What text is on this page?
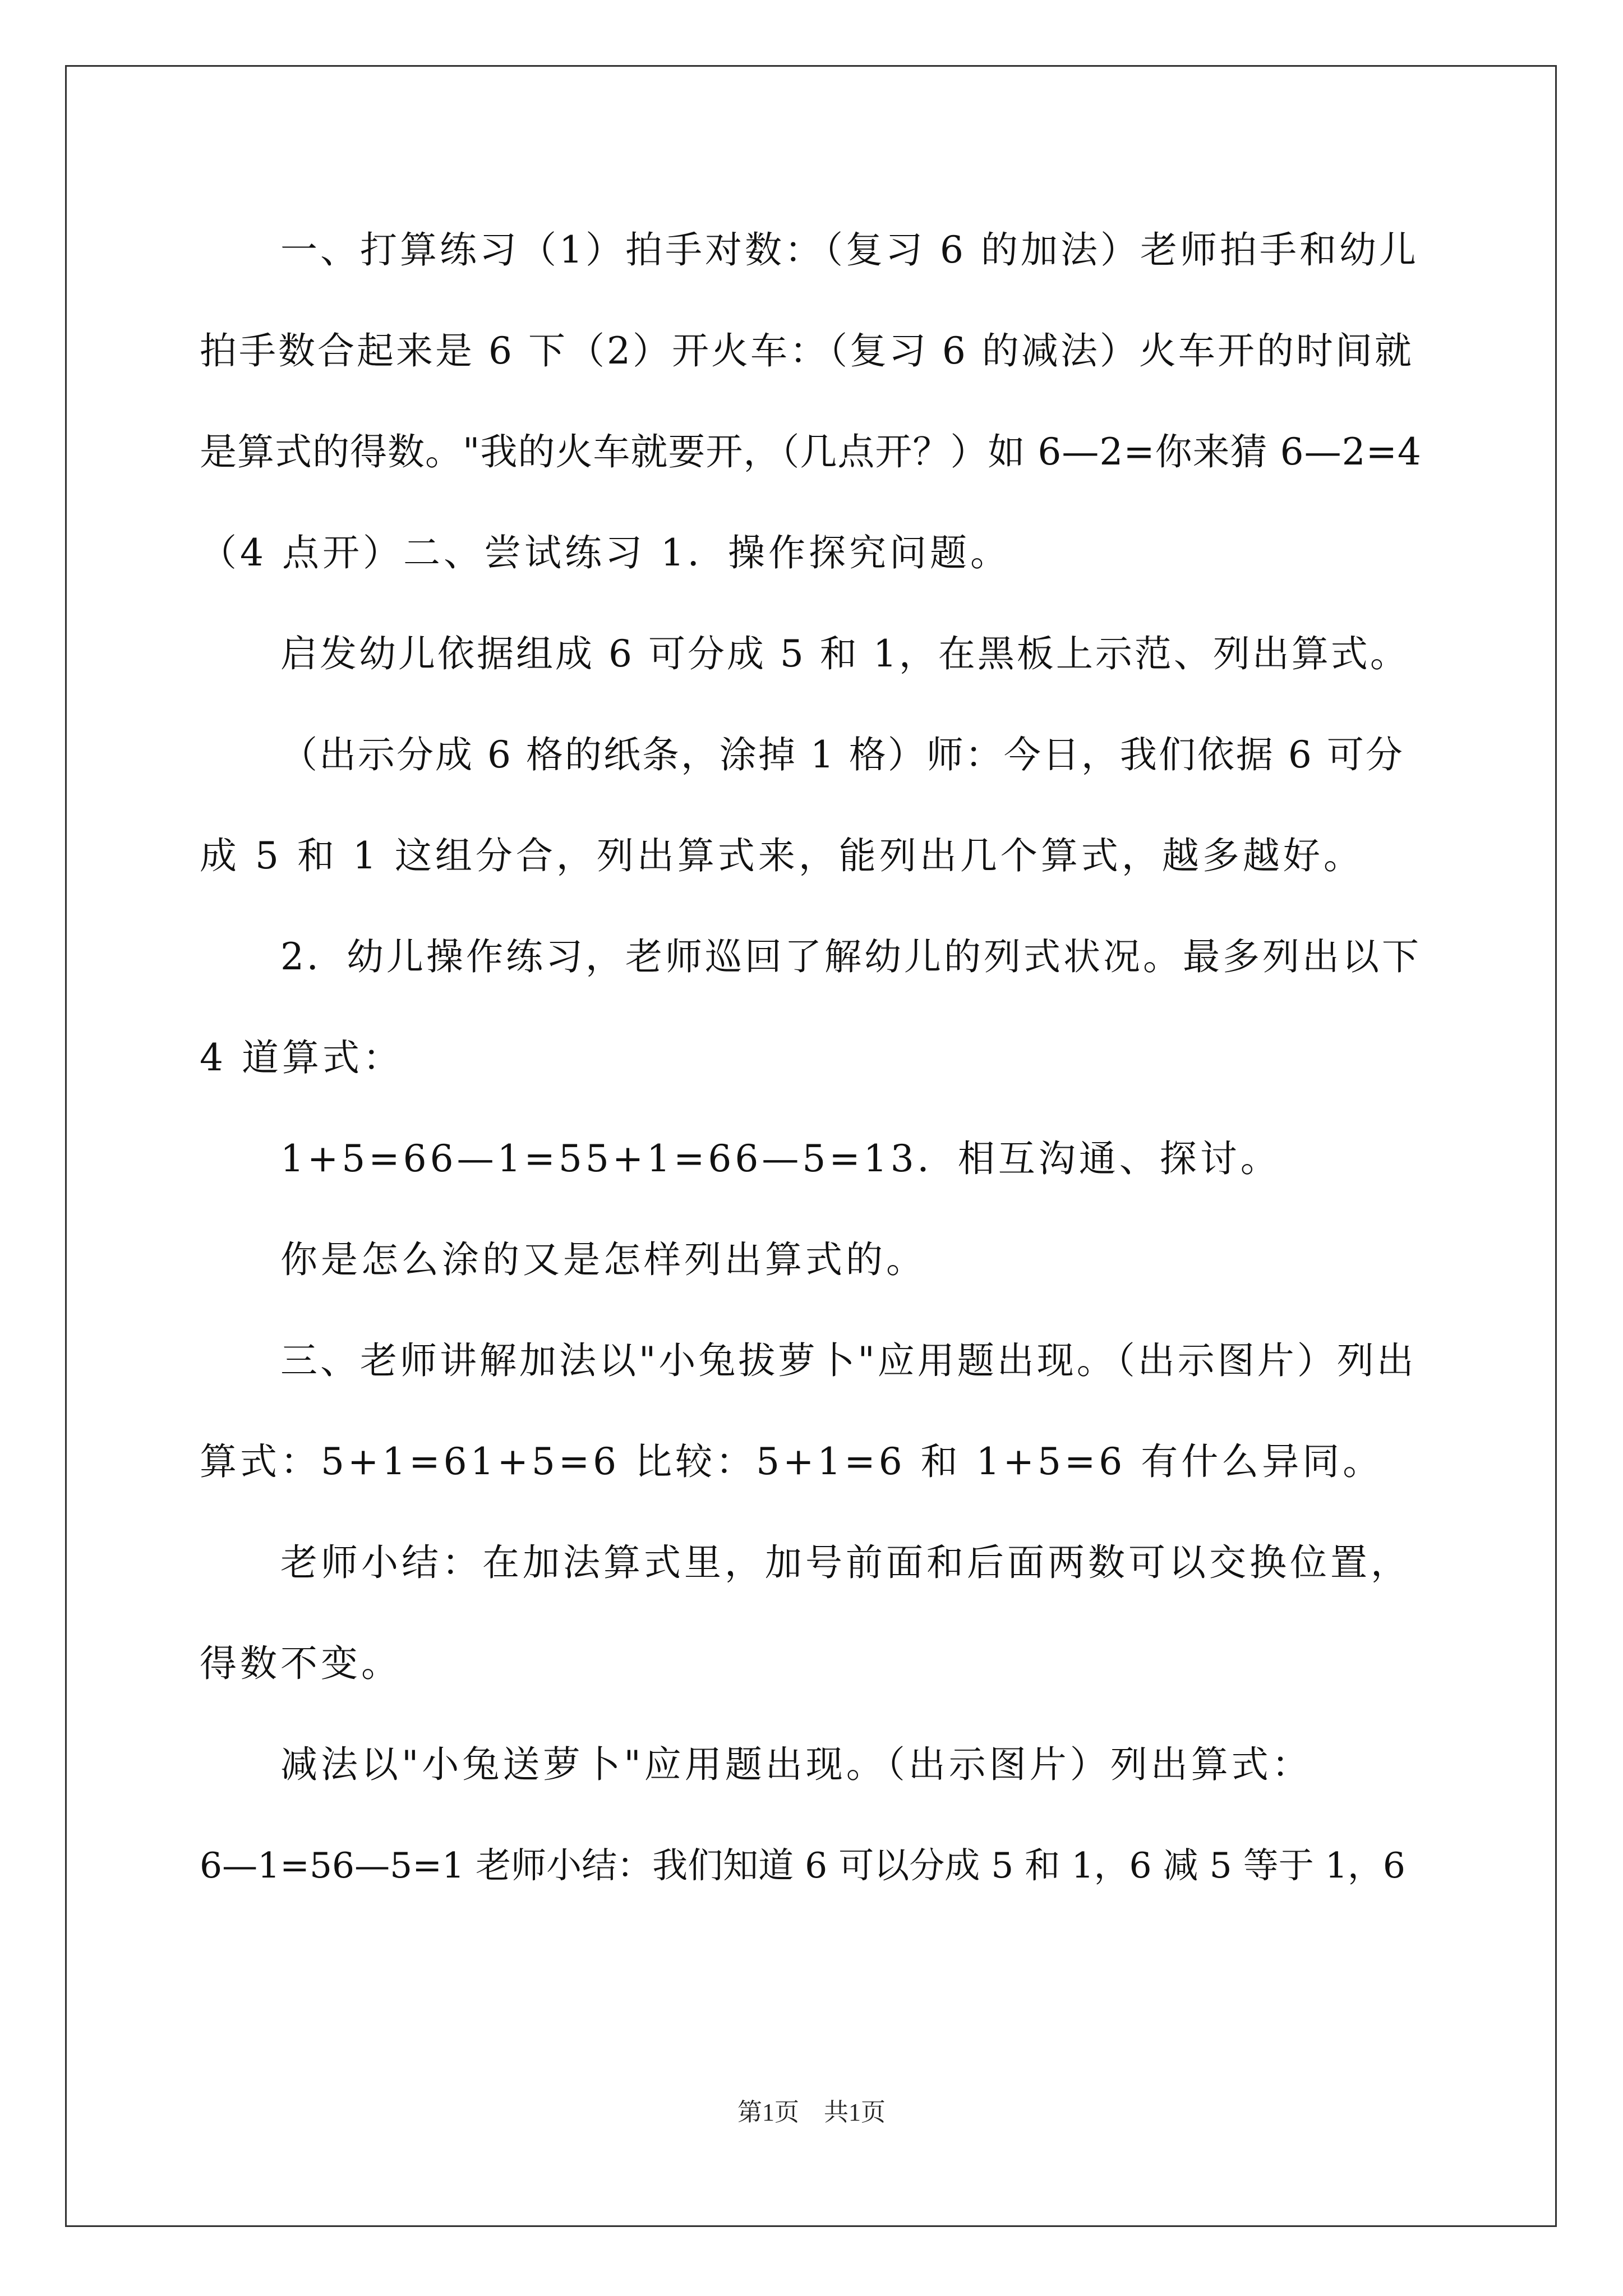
一、打算练习（1）拍手对数：（复习 6 的加法）老师拍手和幼儿
拍手数合起来是 6 下（2）开火车：（复习 6 的减法）火车开的时间就
是算式的得数。"我的火车就要开，（几点开？）如 6—2=你来猜 6—2=4
（4 点开）二、尝试练习 1．操作探究问题。
启发幼儿依据组成 6 可分成 5 和 1，在黑板上示范、列出算式。
（出示分成 6 格的纸条，涂掉 1 格）师：今日，我们依据 6 可分
成 5 和 1 这组分合，列出算式来，能列出几个算式，越多越好。
2．幼儿操作练习，老师巡回了解幼儿的列式状况。最多列出以下
4 道算式：
1+5=66—1=55+1=66—5=13．相互沟通、探讨。
你是怎么涂的又是怎样列出算式的。
三、老师讲解加法以"小兔拔萝卜"应用题出现。（出示图片）列出
算式：5+1=61+5=6 比较：5+1=6 和 1+5=6 有什么异同。
老师小结：在加法算式里，加号前面和后面两数可以交换位置，
得数不变。
减法以"小兔送萝卜"应用题出现。（出示图片）列出算式：
6—1=56—5=1 老师小结：我们知道 6 可以分成 5 和 1，6 减 5 等于 1，6
第1页　共1页
